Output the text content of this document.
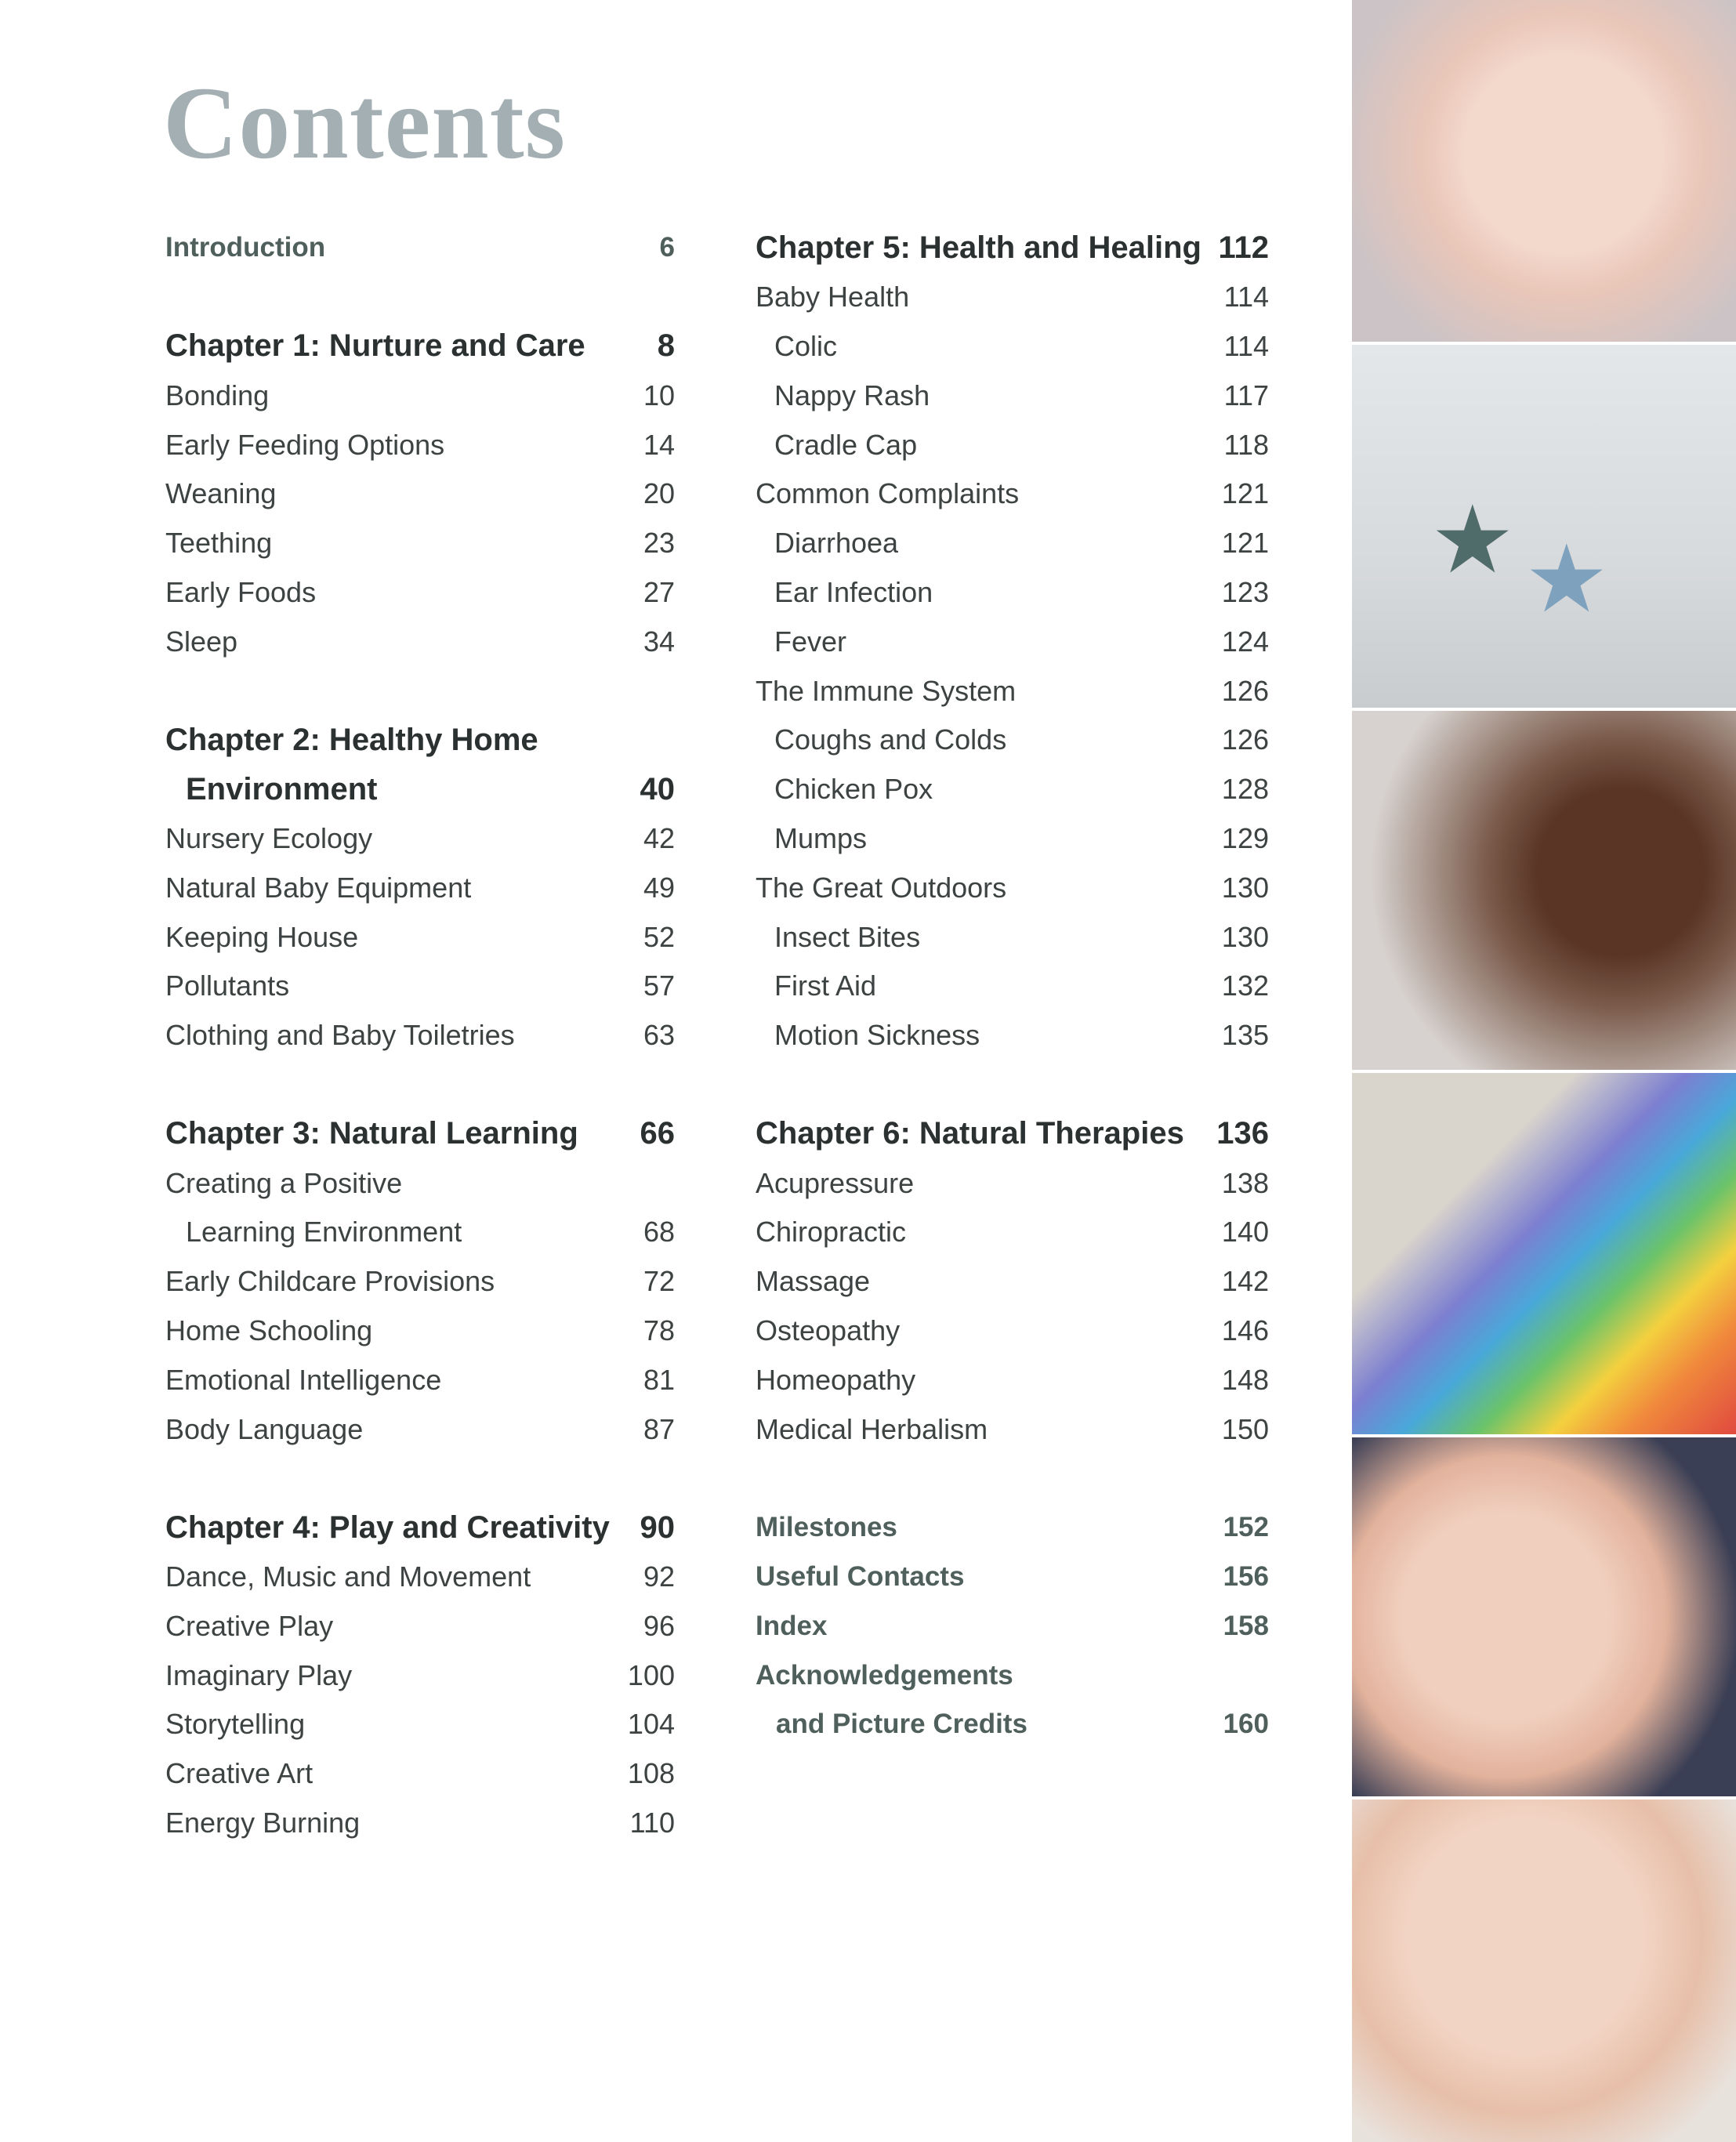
Contents
Introduction	6
Chapter 1: Nurture and Care	8
Bonding	10
Early Feeding Options	14
Weaning	20
Teething	23
Early Foods	27
Sleep	34
Chapter 2: Healthy Home
Environment	40
Nursery Ecology	42
Natural Baby Equipment	49
Keeping House	52
Pollutants	57
Clothing and Baby Toiletries	63
Chapter 3: Natural Learning	66
Creating a Positive
Learning Environment	68
Early Childcare Provisions	72
Home Schooling	78
Emotional Intelligence	81
Body Language	87
Chapter 4: Play and Creativity 90
Dance, Music and Movement	92
Creative Play	96
Imaginary Play	100
Storytelling	104
Creative Art	108
Energy Burning	110
Chapter 5: Health and Healing 112
Baby Health	114
Colic	114
Nappy Rash	117
Cradle Cap	118
Common Complaints	121
Diarrhoea	121
Ear Infection	123
Fever	124
The Immune System	126
Coughs and Colds	126
Chicken Pox	128
Mumps	129
The Great Outdoors	130
Insect Bites	130
First Aid	132
Motion Sickness	135
Chapter 6: Natural Therapies	136
Acupressure	138
Chiropractic	140
Massage	142
Osteopathy	146
Homeopathy	148
Medical Herbalism	150
Milestones	152
Useful Contacts	156
Index	158
Acknowledgements
and Picture Credits	160
★ ★
